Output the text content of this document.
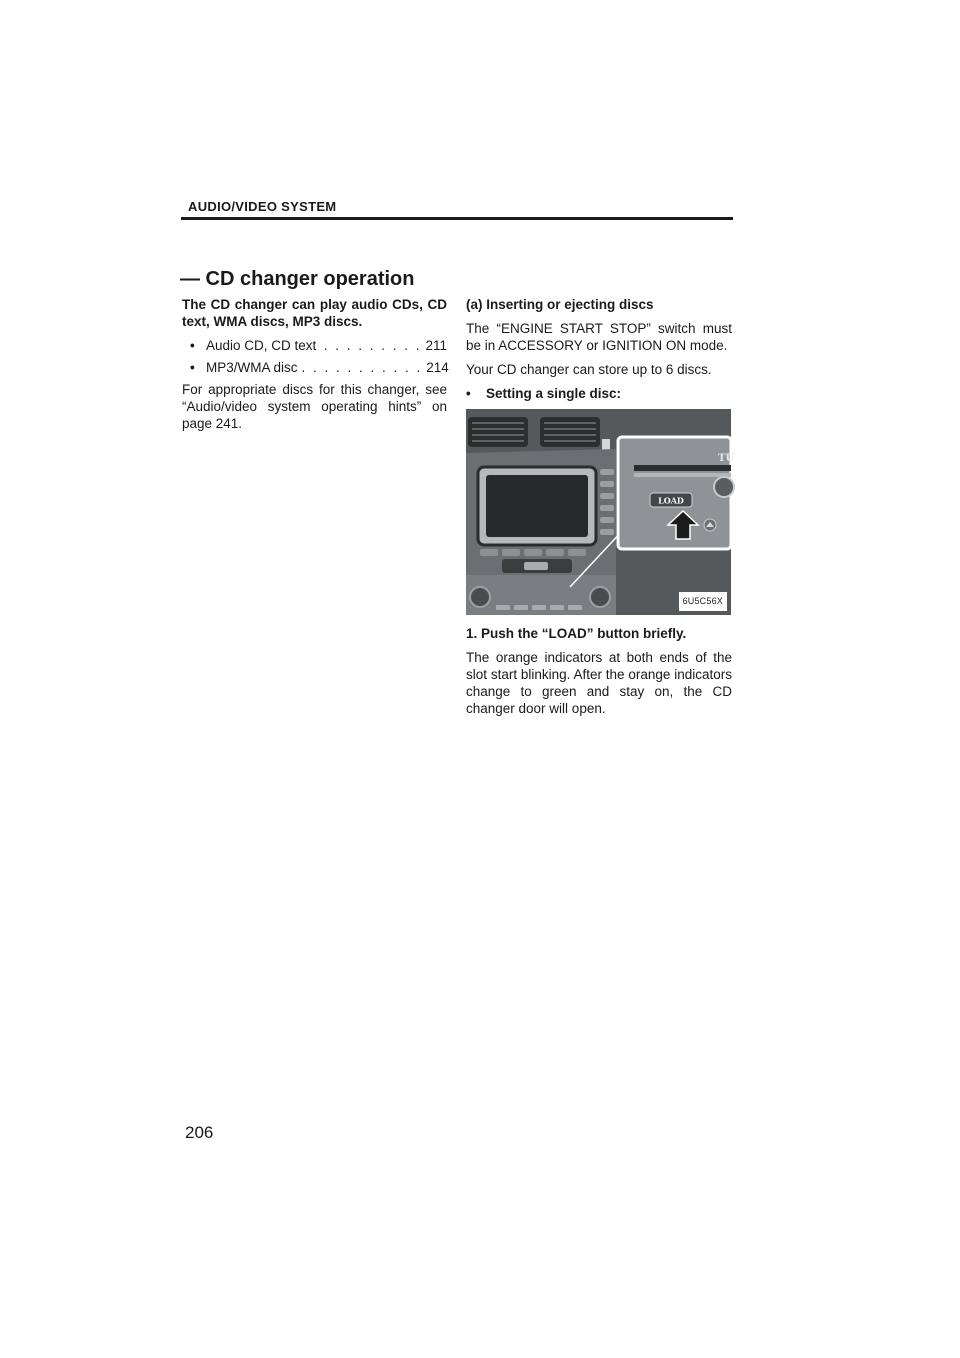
AUDIO/VIDEO SYSTEM
— CD changer operation

The CD changer can play audio CDs, CD text, WMA discs, MP3 discs.

• Audio CD, CD text . . . . . . . . . 211
• MP3/WMA disc . . . . . . . . . . . 214

For appropriate discs for this changer, see “Audio/video system operating hints” on page 241.

(a) Inserting or ejecting discs

The “ENGINE START STOP” switch must be in ACCESSORY or IGNITION ON mode.

Your CD changer can store up to 6 discs.

•	Setting a single disc:
LOAD
TU
6U5C56X

1. Push the “LOAD” button briefly.

The orange indicators at both ends of the slot start blinking. After the orange indicators change to green and stay on, the CD changer door will open.

206
